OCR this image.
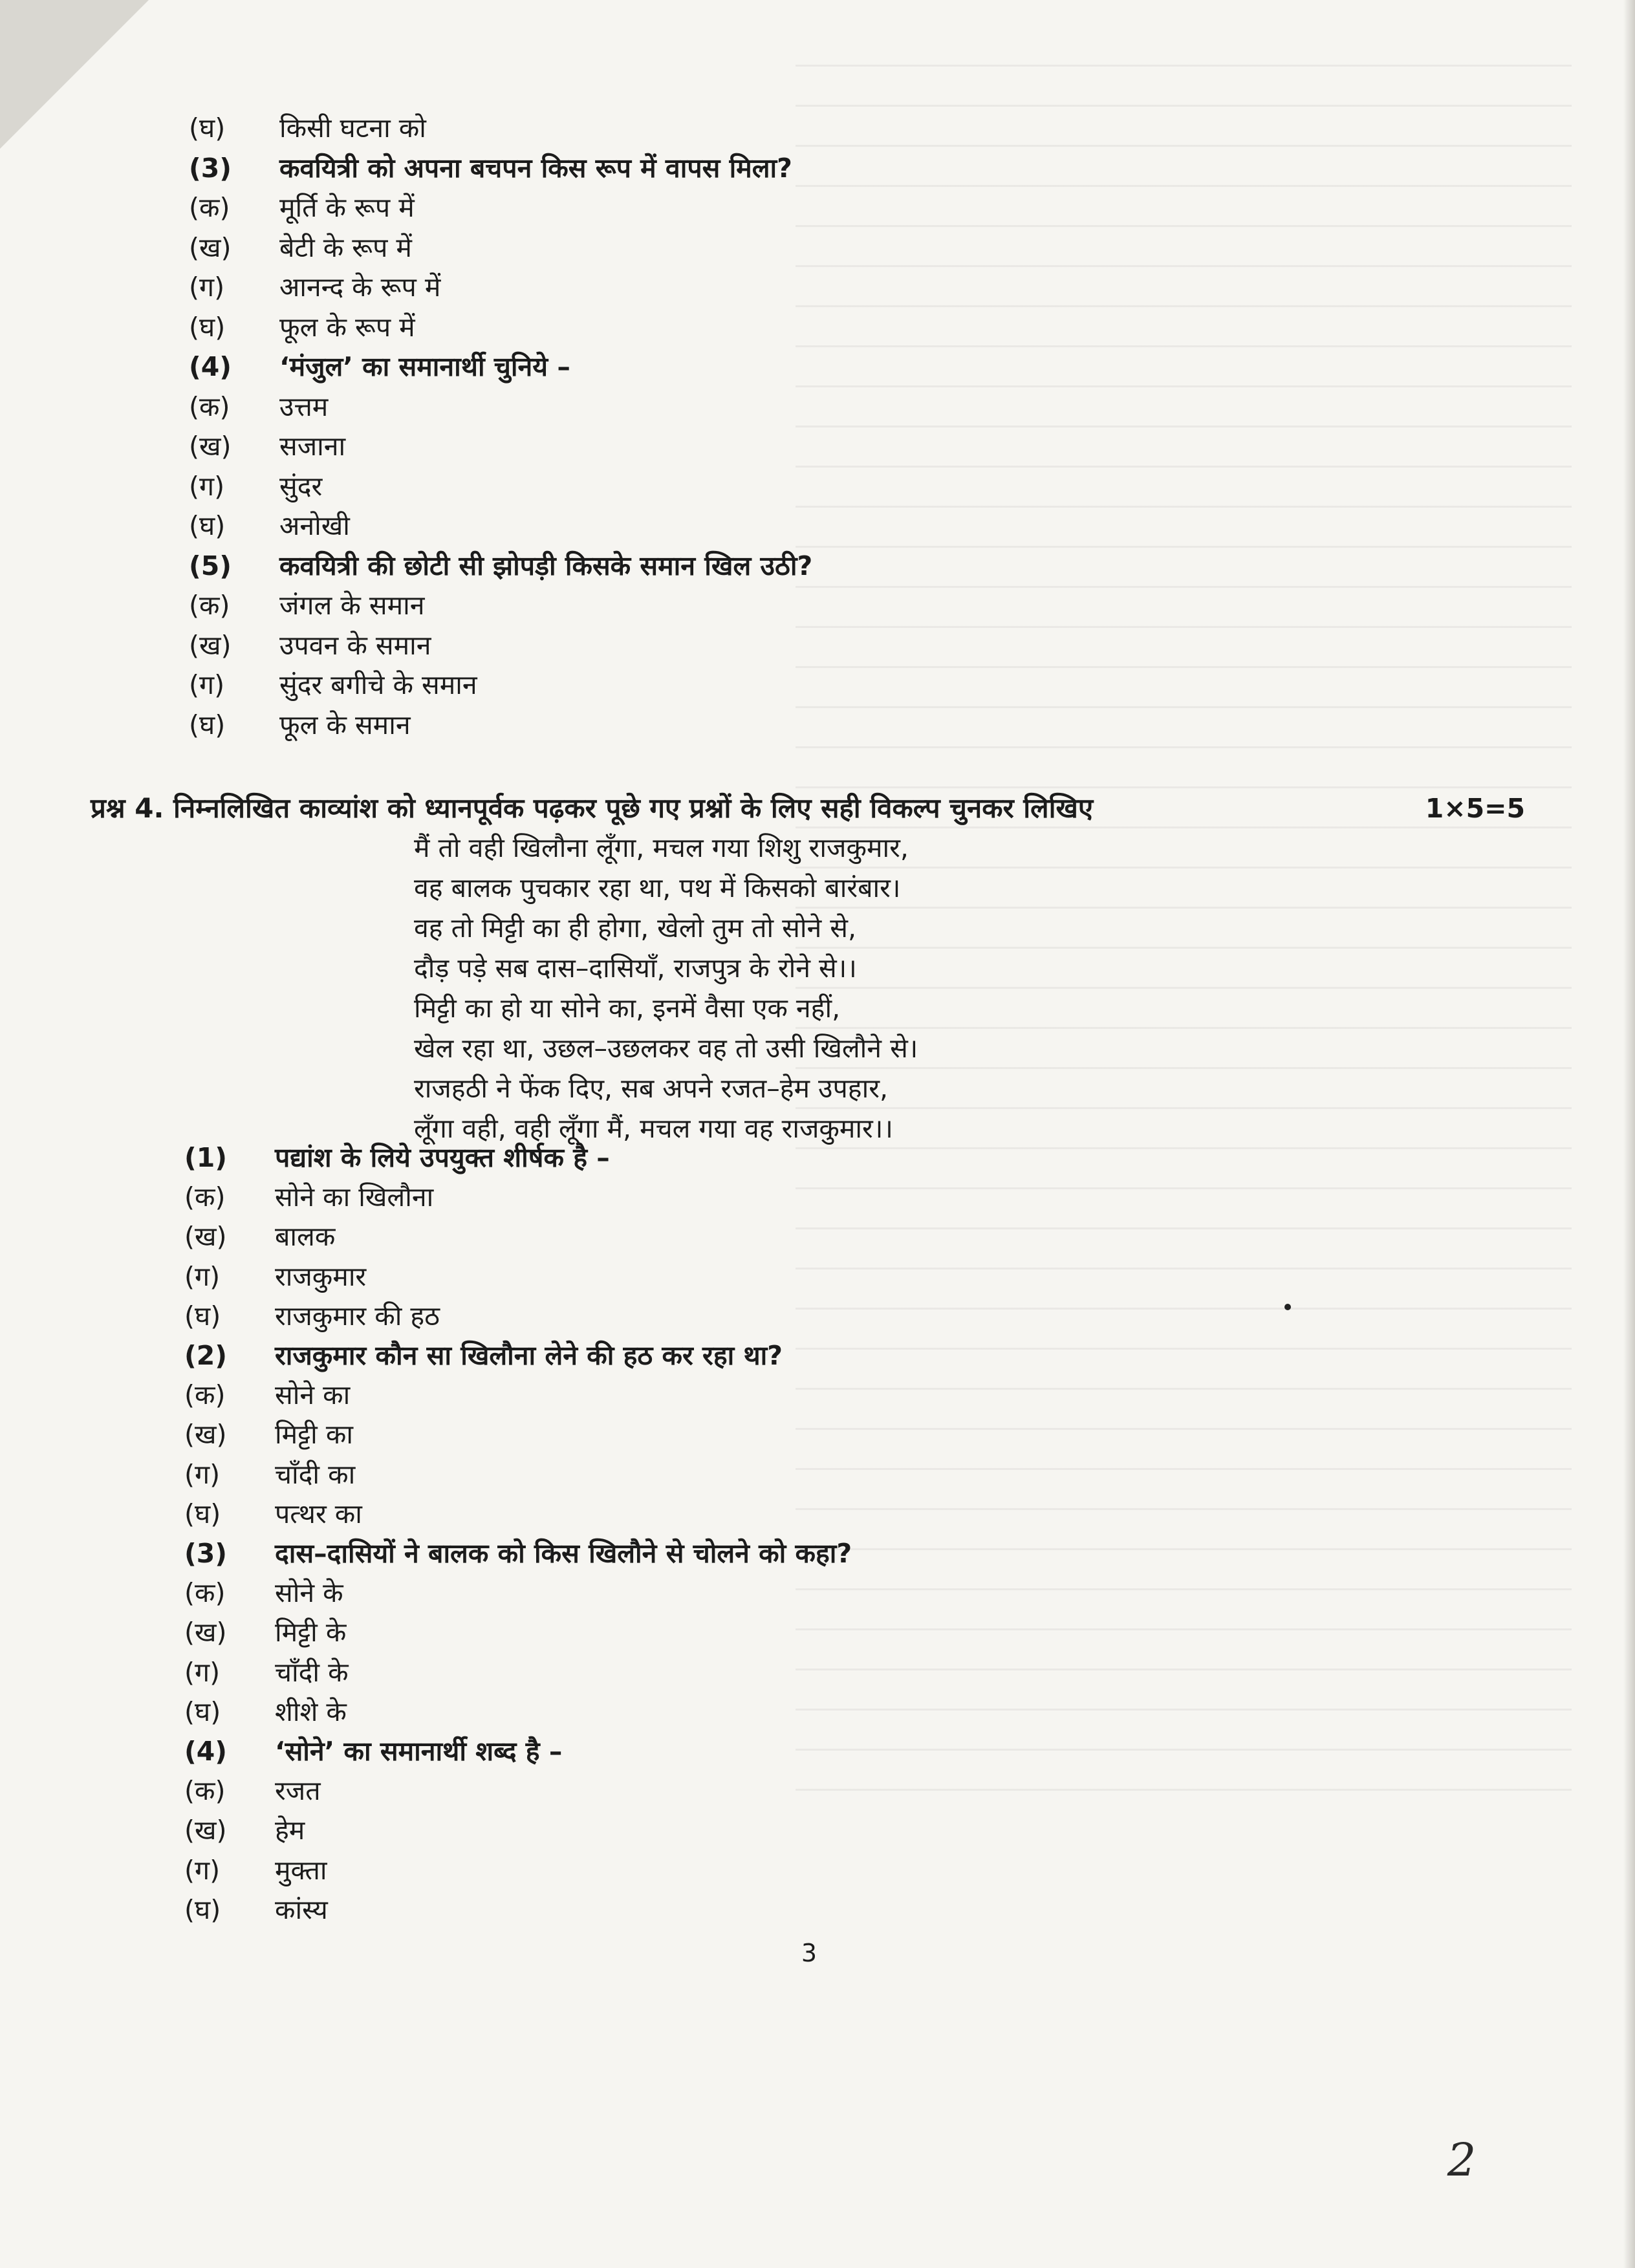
(घ)	किसी घटना को
(3)	कवयित्री को अपना बचपन किस रूप में वापस मिला?
(क)	मूर्ति के रूप में
(ख)	बेटी के रूप में
(ग)	आनन्द के रूप में
(घ)	फूल के रूप में
(4)	‘मंजुल’ का समानार्थी चुनिये –
(क)	उत्तम
(ख)	सजाना
(ग)	सुंदर
(घ)	अनोखी
(5)	कवयित्री की छोटी सी झोपड़ी किसके समान खिल उठी?
(क)	जंगल के समान
(ख)	उपवन के समान
(ग)	सुंदर बगीचे के समान
(घ)	फूल के समान
प्रश्न 4. निम्नलिखित काव्यांश को ध्यानपूर्वक पढ़कर पूछे गए प्रश्नों के लिए सही विकल्प चुनकर लिखिए	1×5=5
मैं तो वही खिलौना लूँगा, मचल गया शिशु राजकुमार,
वह बालक पुचकार रहा था, पथ में किसको बारंबार।
वह तो मिट्टी का ही होगा, खेलो तुम तो सोने से,
दौड़ पड़े सब दास–दासियाँ, राजपुत्र के रोने से।।
मिट्टी का हो या सोने का, इनमें वैसा एक नहीं,
खेल रहा था, उछल–उछलकर वह तो उसी खिलौने से।
राजहठी ने फेंक दिए, सब अपने रजत–हेम उपहार,
लूँगा वही, वही लूँगा मैं, मचल गया वह राजकुमार।।
(1)	पद्यांश के लिये उपयुक्त शीर्षक है –
(क)	सोने का खिलौना
(ख)	बालक
(ग)	राजकुमार
(घ)	राजकुमार की हठ
(2)	राजकुमार कौन सा खिलौना लेने की हठ कर रहा था?
(क)	सोने का
(ख)	मिट्टी का
(ग)	चाँदी का
(घ)	पत्थर का
(3)	दास–दासियों ने बालक को किस खिलौने से चोलने को कहा?
(क)	सोने के
(ख)	मिट्टी के
(ग)	चाँदी के
(घ)	शीशे के
(4)	‘सोने’ का समानार्थी शब्द है –
(क)	रजत
(ख)	हेम
(ग)	मुक्ता
(घ)	कांस्य
3
2
